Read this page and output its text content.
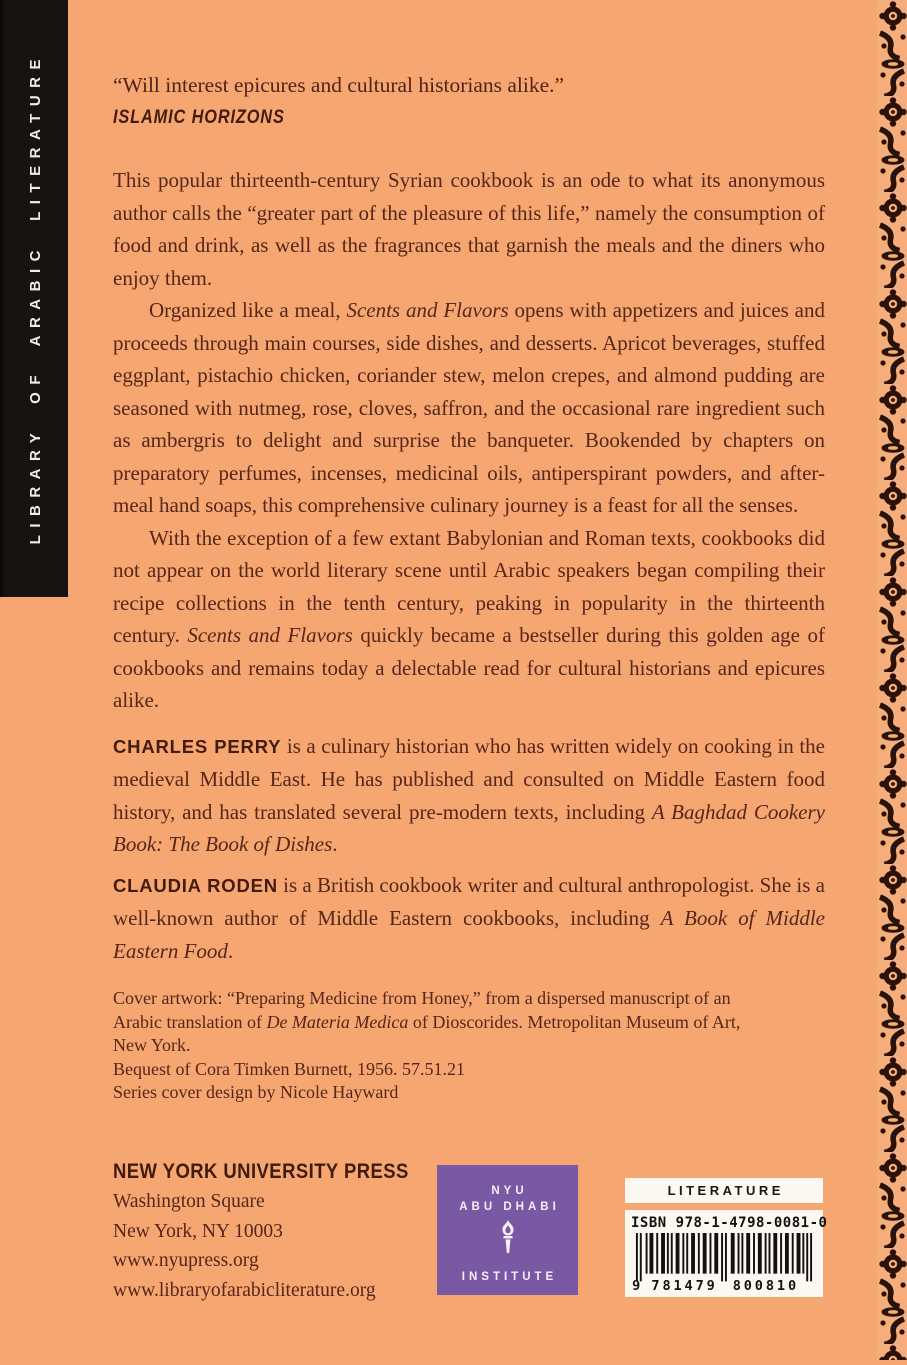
LIBRARY OF ARABIC LITERATURE	“Will interest epicures and cultural historians alike.”
ISLAMIC HORIZONS

This popular thirteenth-century Syrian cookbook is an ode to what its anonymous author calls the “greater part of the pleasure of this life,” namely the consumption of food and drink, as well as the fragrances that garnish the meals and the diners who enjoy them.

Organized like a meal, Scents and Flavors opens with appetizers and juices and proceeds through main courses, side dishes, and desserts. Apricot beverages, stuffed eggplant, pistachio chicken, coriander stew, melon crepes, and almond pudding are seasoned with nutmeg, rose, cloves, saffron, and the occasional rare ingredient such as ambergris to delight and surprise the banqueter. Bookended by chapters on preparatory perfumes, incenses, medicinal oils, antiperspirant powders, and after-meal hand soaps, this comprehensive culinary journey is a feast for all the senses.

With the exception of a few extant Babylonian and Roman texts, cookbooks did not appear on the world literary scene until Arabic speakers began compiling their recipe collections in the tenth century, peaking in popularity in the thirteenth century. Scents and Flavors quickly became a bestseller during this golden age of cookbooks and remains today a delectable read for cultural historians and epicures alike.

CHARLES PERRY is a culinary historian who has written widely on cooking in the medieval Middle East. He has published and consulted on Middle Eastern food history, and has translated several pre-modern texts, including A Baghdad Cookery Book: The Book of Dishes.

CLAUDIA RODEN is a British cookbook writer and cultural anthropologist. She is a well-known author of Middle Eastern cookbooks, including A Book of Middle Eastern Food.

Cover artwork: “Preparing Medicine from Honey,” from a dispersed manuscript of an Arabic translation of De Materia Medica of Dioscorides. Metropolitan Museum of Art, New York.

Bequest of Cora Timken Burnett, 1956. 57.51.21

Series cover design by Nicole Hayward

NEW YORK UNIVERSITY PRESS
Washington Square
New York, NY 10003
www.nyupress.org
www.libraryofarabicliterature.org
NYU
ABU DHABI
INSTITUTE
LITERATURE
ISBN 978-1-4798-0081-0
9 781479 800810
